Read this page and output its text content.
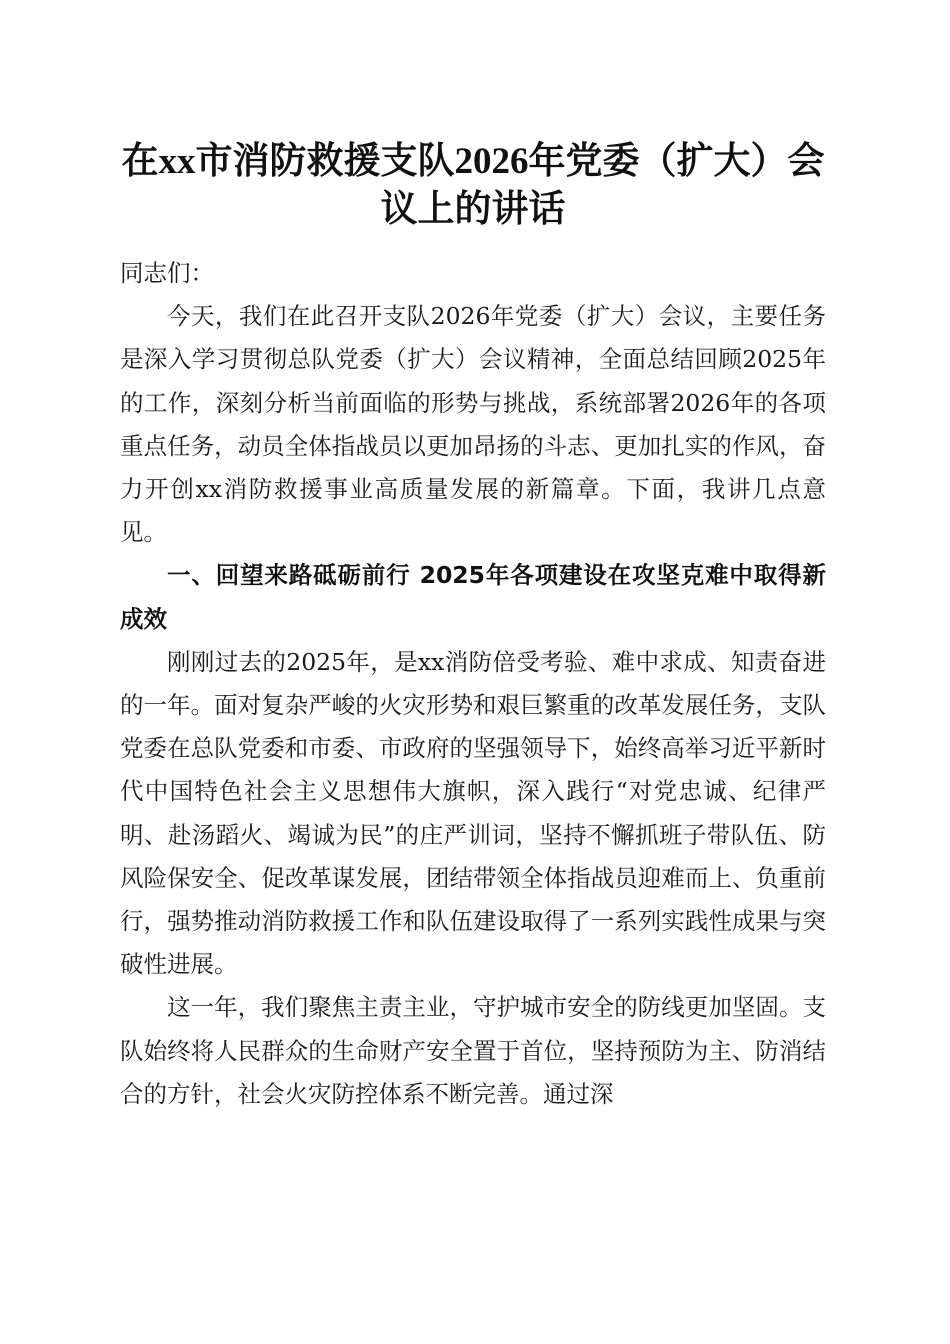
在xx市消防救援支队2026年党委（扩大）会
议上的讲话

同志们：

今天，我们在此召开支队2026年党委（扩大）会议，主要任务是深入学习贯彻总队党委（扩大）会议精神，全面总结回顾2025年的工作，深刻分析当前面临的形势与挑战，系统部署2026年的各项重点任务，动员全体指战员以更加昂扬的斗志、更加扎实的作风，奋力开创xx消防救援事业高质量发展的新篇章。下面，我讲几点意见。

一、回望来路砥砺前行 2025年各项建设在攻坚克难中取得新成效

刚刚过去的2025年，是xx消防倍受考验、难中求成、知责奋进的一年。面对复杂严峻的火灾形势和艰巨繁重的改革发展任务，支队党委在总队党委和市委、市政府的坚强领导下，始终高举习近平新时代中国特色社会主义思想伟大旗帜，深入践行“对党忠诚、纪律严明、赴汤蹈火、竭诚为民”的庄严训词，坚持不懈抓班子带队伍、防风险保安全、促改革谋发展，团结带领全体指战员迎难而上、负重前行，强势推动消防救援工作和队伍建设取得了一系列实践性成果与突破性进展。

这一年，我们聚焦主责主业，守护城市安全的防线更加坚固。支队始终将人民群众的生命财产安全置于首位，坚持预防为主、防消结合的方针，社会火灾防控体系不断完善。通过深
